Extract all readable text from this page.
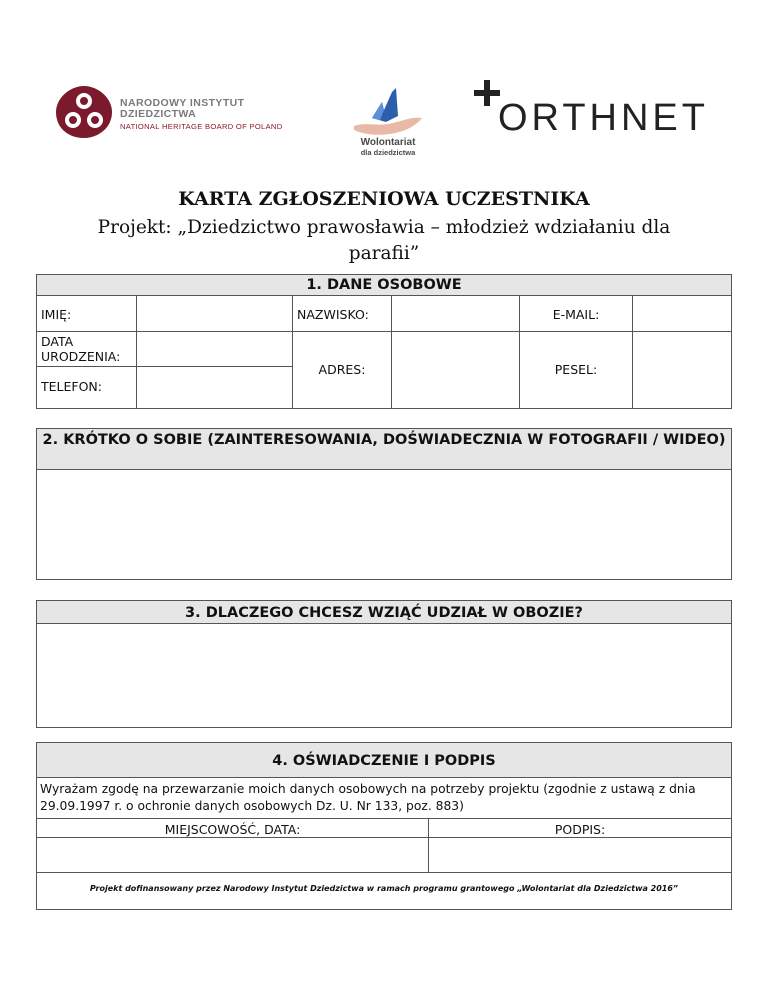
NARODOWY INSTYTUT
DZIEDZICTWA
NATIONAL HERITAGE BOARD OF POLAND
Wolontariat
dla dziedzictwa
ORTHNET
KARTA ZGŁOSZENIOWA UCZESTNIKA
Projekt: „Dziedzictwo prawosławia – młodzież wdziałaniu dla parafii”
1. DANE OSOBOWE
IMIĘ:	NAZWISKO:	E-MAIL:
DATA URODZENIA:
TELEFON:
ADRES:	PESEL:
2. KRÓTKO O SOBIE (ZAINTERESOWANIA, DOŚWIADECZNIA W FOTOGRAFII / WIDEO)
3. DLACZEGO CHCESZ WZIĄĆ UDZIAŁ W OBOZIE?
4. OŚWIADCZENIE I PODPIS
Wyrażam zgodę na przewarzanie moich danych osobowych na potrzeby projektu (zgodnie z ustawą z dnia 29.09.1997 r. o ochronie danych osobowych Dz. U. Nr 133, poz. 883)
MIEJSCOWOŚĆ, DATA:	PODPIS:
Projekt dofinansowany przez Narodowy Instytut Dziedzictwa w ramach programu grantowego „Wolontariat dla Dziedzictwa 2016”
